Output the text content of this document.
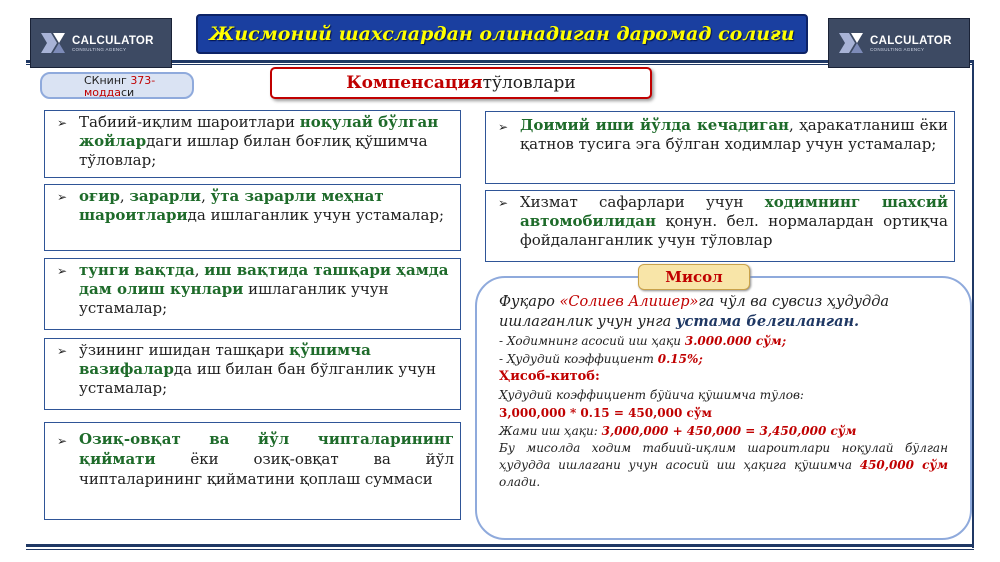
CALCULATOR
CONSULTING AGENCY
CALCULATOR
CONSULTING AGENCY
Жисмоний шахслардан олинадиган даромад солиғи
СКнинг 373-
моддаси	Компенсация тўловлари
➢ Табиий-иқлим шароитлари ноқулай бўлган жойлардаги ишлар билан боғлиқ қўшимча тўловлар;
➢ оғир, зарарли, ўта зарарли меҳнат шароитларида ишлаганлик учун устамалар;
➢ тунги вақтда, иш вақтида ташқари ҳамда дам олиш кунлари ишлаганлик учун устамалар;
➢ ўзининг ишидан ташқари қўшимча вазифаларда иш билан бан бўлганлик учун устамалар;
➢ Озиқ-овқат ва йўл чипталарининг қиймати ёки озиқ-овқат ва йўл чипталарининг қийматини қоплаш суммаси
➢ Доимий иши йўлда кечадиган, ҳаракатланиш ёки қатнов тусига эга бўлган ходимлар учун устамалар;
➢ Хизмат сафарлари учун ходимнинг шахсий автомобилидан қонун. бел. нормалардан ортиқча фойдаланганлик учун тўловлар
Фуқаро «Солиев Алишер»га чўл ва сувсиз ҳудудда ишлаганлик учун унга устама белгиланган.
- Ходимнинг асосий иш ҳақи 3.000.000 сўм;
- Ҳудудий коэффициент 0.15%;
Ҳисоб-китоб:
Ҳудудий коэффициент бўйича қўшимча тўлов:
3,000,000 * 0.15 = 450,000 сўм
Жами иш ҳақи: 3,000,000 + 450,000 = 3,450,000 сўм
Бу мисолда ходим табиий-иқлим шароитлари ноқулай бўлган ҳудудда ишлагани учун асосий иш ҳақига қўшимча 450,000 сўм олади.
Мисол
